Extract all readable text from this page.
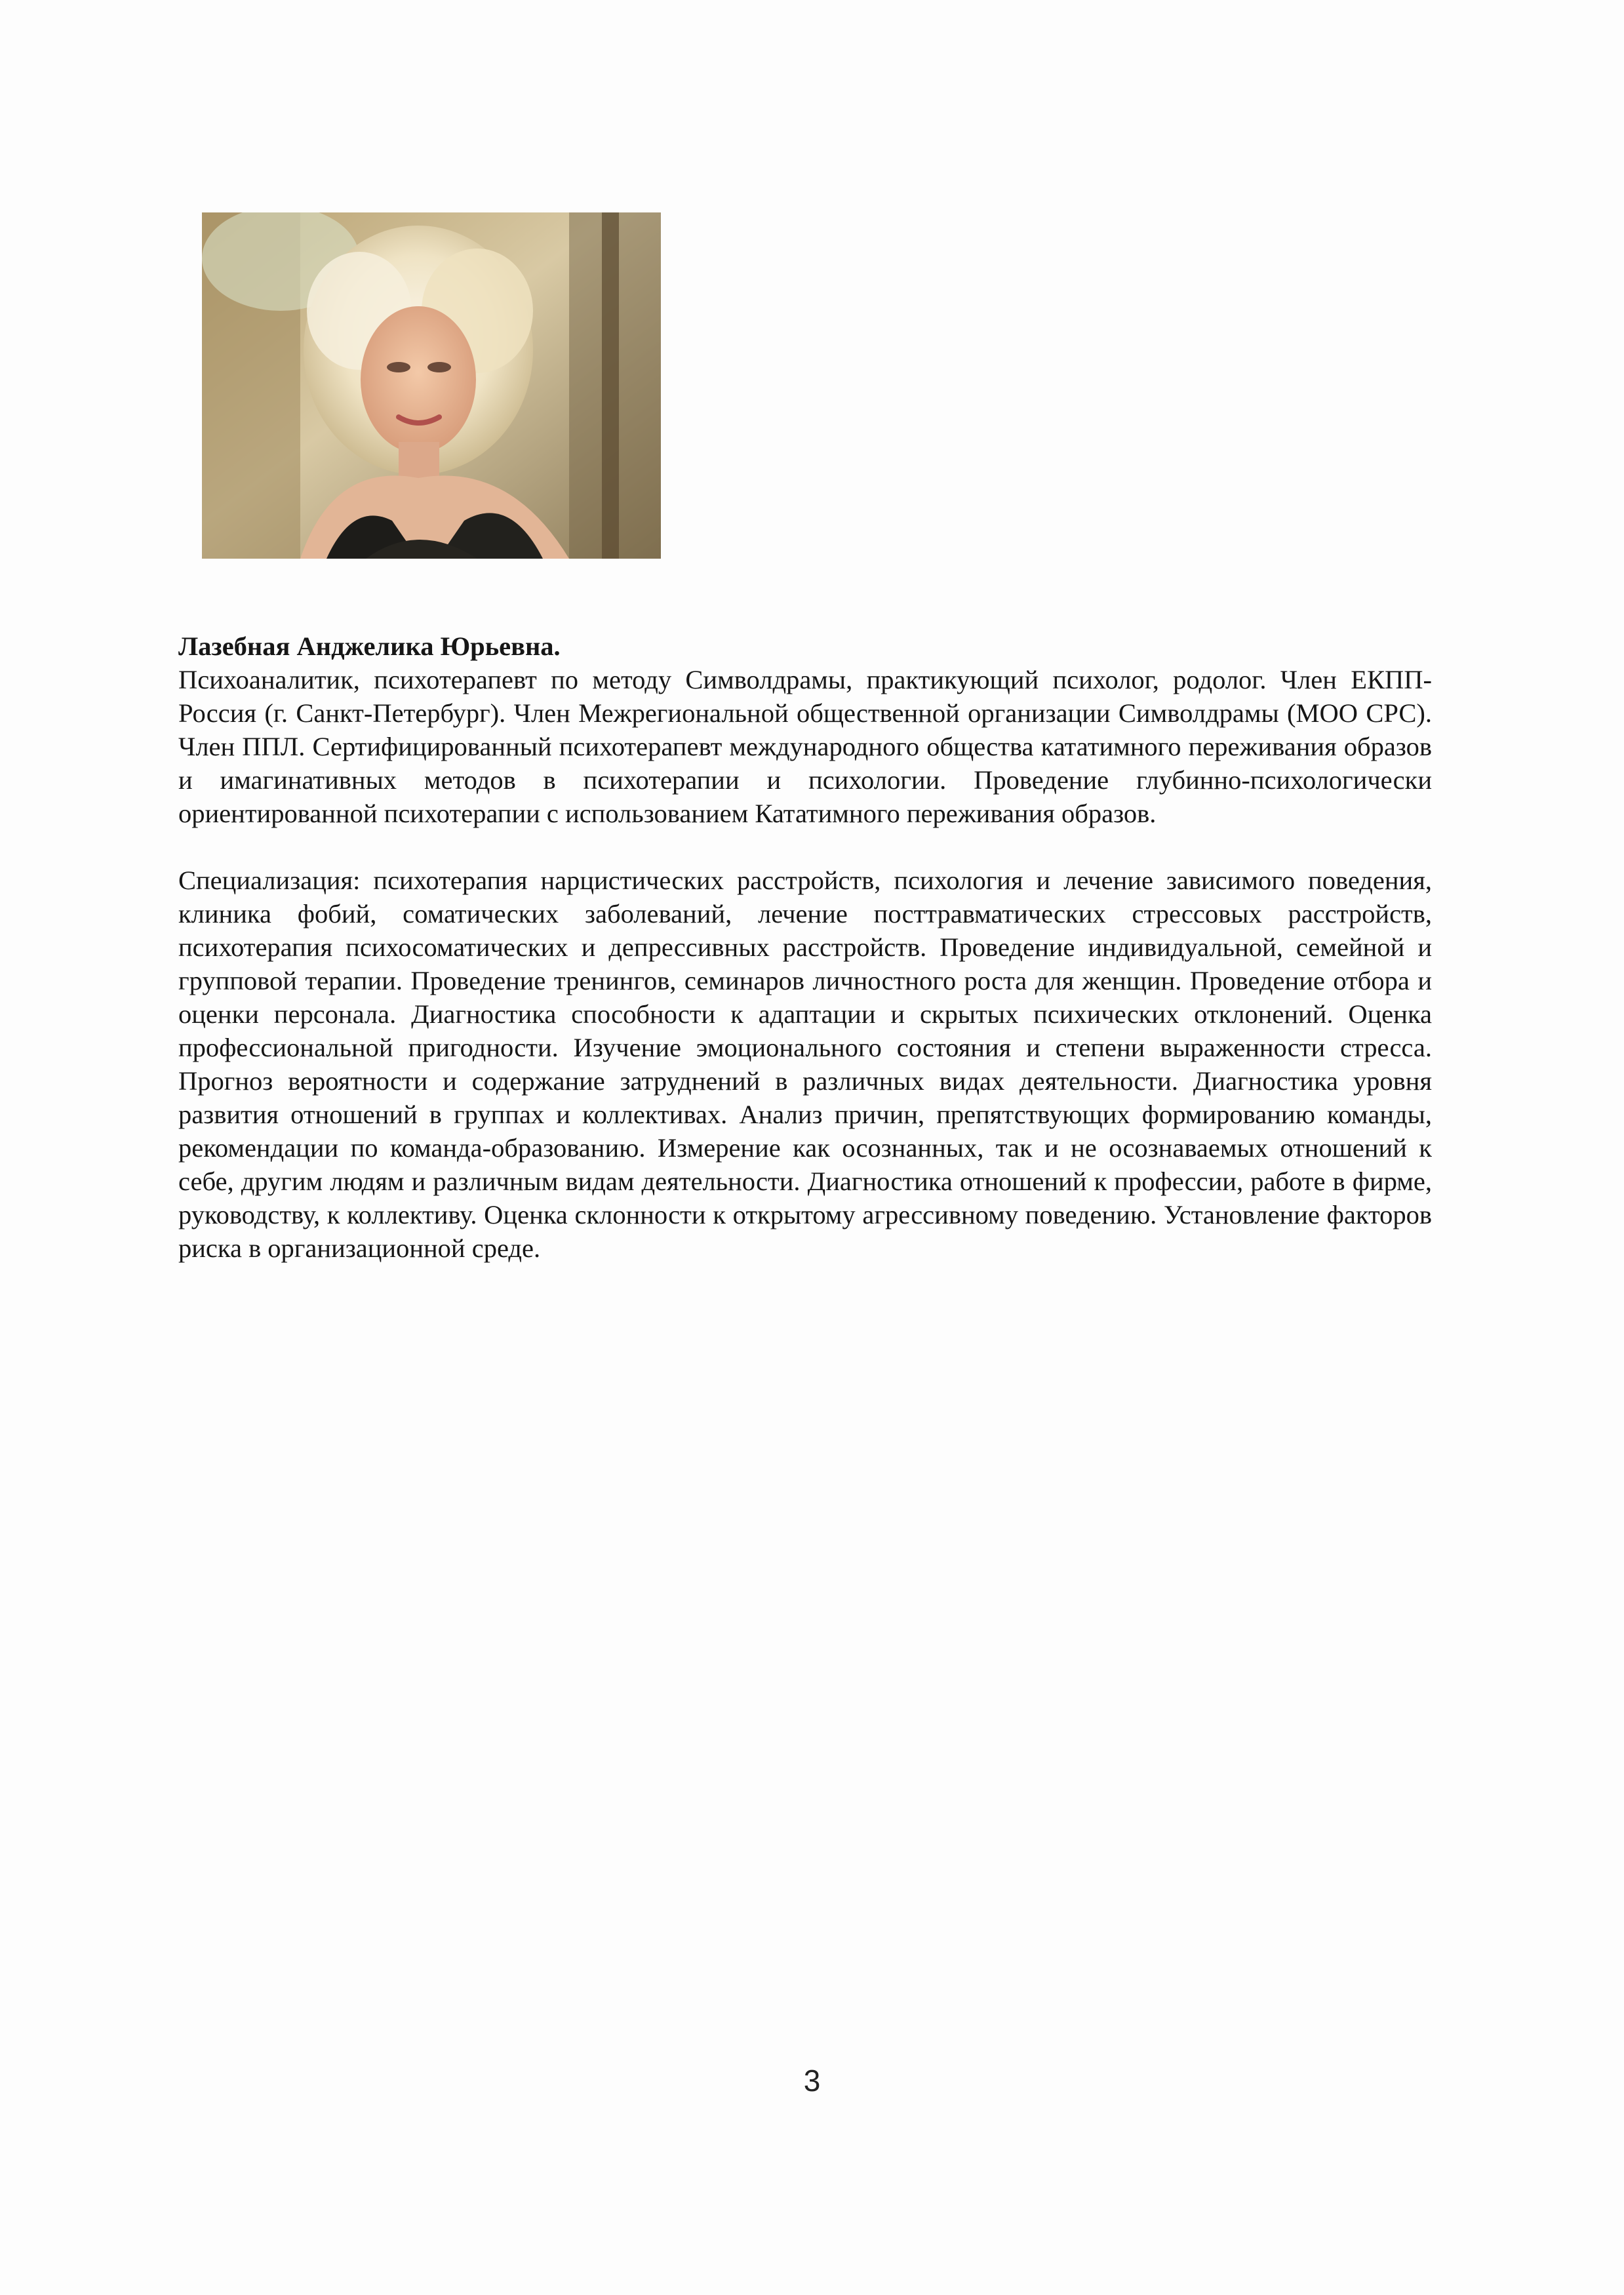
Лазебная Анджелика Юрьевна.

Психоаналитик, психотерапевт по методу Символдрамы, практикующий психолог, родолог. Член ЕКПП-Россия (г. Санкт-Петербург). Член Межрегиональной общественной организации Символдрамы (МОО СРС). Член ППЛ. Сертифицированный психотерапевт международного общества кататимного переживания образов и имагинативных методов в психотерапии и психологии. Проведение глубинно-психологически ориентированной психотерапии с использованием Кататимного переживания образов.

Специализация: психотерапия нарцистических расстройств, психология и лечение зависимого поведения, клиника фобий, соматических заболеваний, лечение посттравматических стрессовых расстройств, психотерапия психосоматических и депрессивных расстройств. Проведение индивидуальной, семейной и групповой терапии. Проведение тренингов, семинаров личностного роста для женщин. Проведение отбора и оценки персонала. Диагностика способности к адаптации и скрытых психических отклонений. Оценка профессиональной пригодности. Изучение эмоционального состояния и степени выраженности стресса. Прогноз вероятности и содержание затруднений в различных видах деятельности. Диагностика уровня развития отношений в группах и коллективах. Анализ причин, препятствующих формированию команды, рекомендации по команда-образованию. Измерение как осознанных, так и не осознаваемых отношений к себе, другим людям и различным видам деятельности. Диагностика отношений к профессии, работе в фирме, руководству, к коллективу. Оценка склонности к открытому агрессивному поведению. Установление факторов риска в организационной среде.

3
